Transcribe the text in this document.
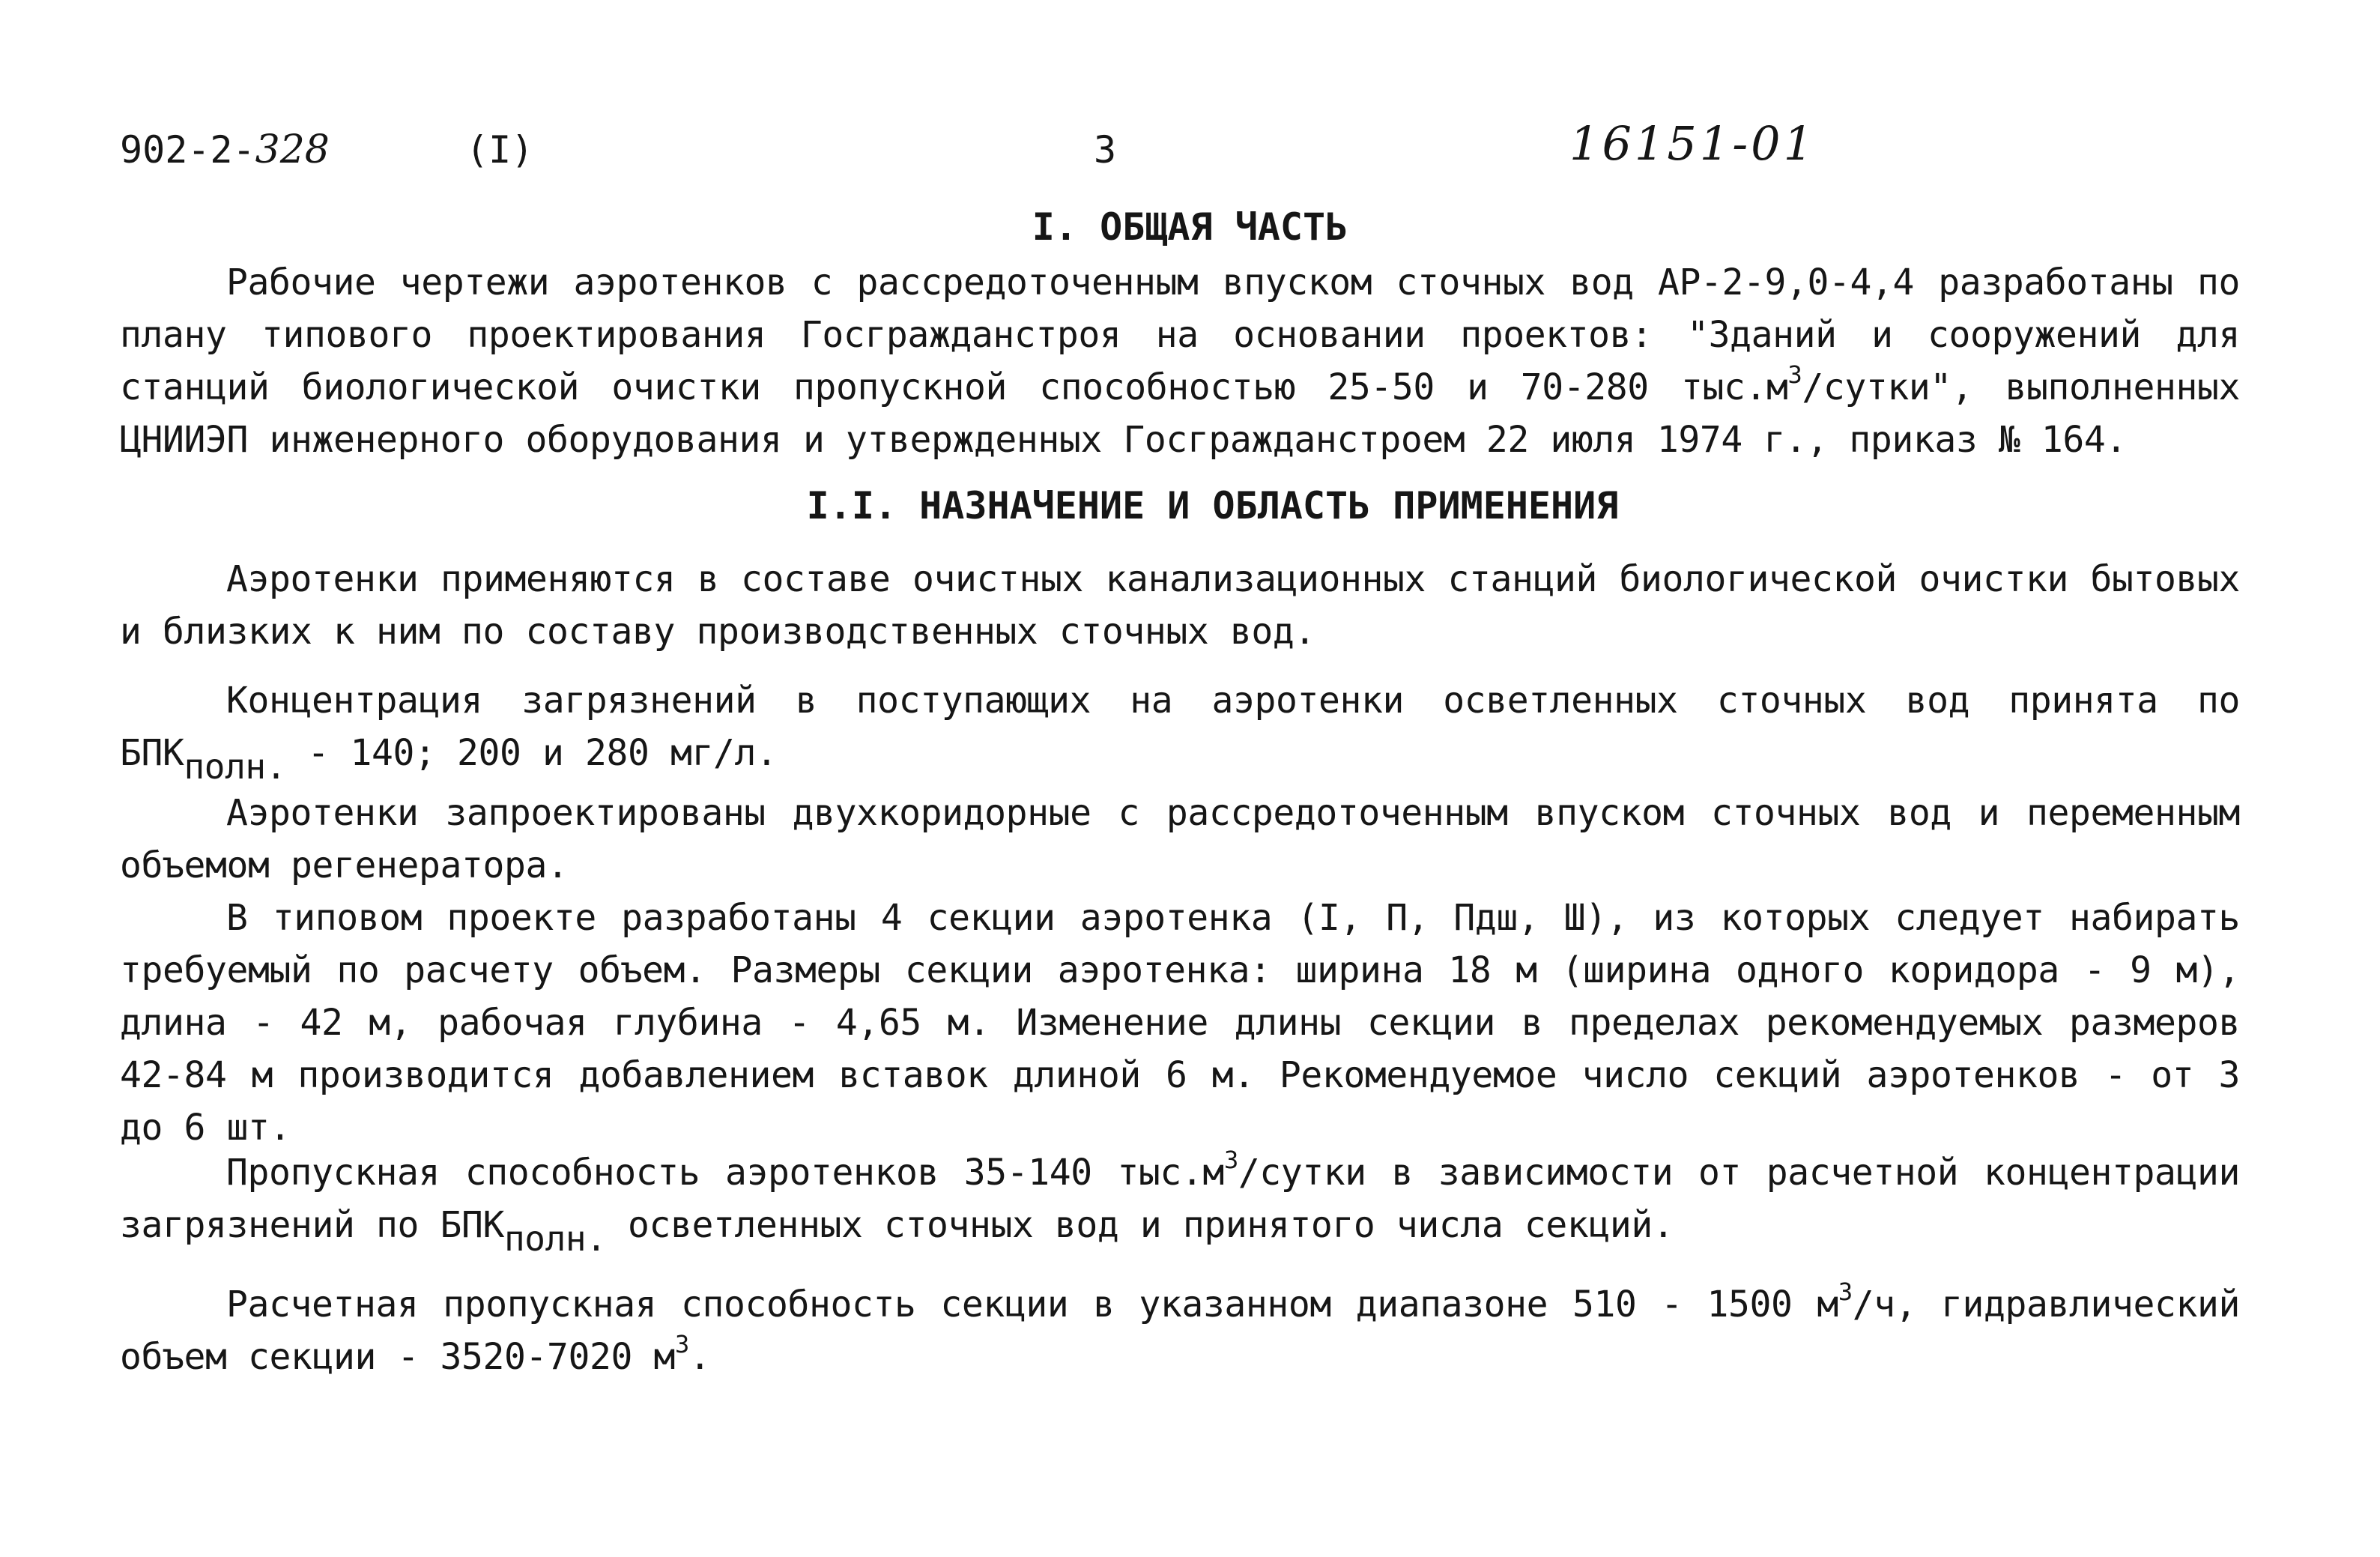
902-2-328	(I)	3	16151-01
I. ОБЩАЯ ЧАСТЬ
Рабочие чертежи аэротенков с рассредоточенным впуском сточных вод АР-2-9,0-4,4 разработаны по плану типового проектирования Госгражданстроя на основании проектов: "Зданий и сооружений для станций биологической очистки пропускной способностью 25-50 и 70-280 $тыс.м^3$/сутки", выполненных ЦНИИЭП инженерного оборудования и утвержденных Госгражданстроем 22 июля 1974 г., приказ № 164.
I.I. НАЗНАЧЕНИЕ И ОБЛАСТЬ ПРИМЕНЕНИЯ
Аэротенки применяются в составе очистных канализационных станций биологической очистки бытовых и близких к ним по составу производственных сточных вод.
Концентрация загрязнений в поступающих на аэротенки осветленных сточных вод принята по $БПК_{полн.} - 140$; 200 и 280 мг/л.
Аэротенки запроектированы двухкоридорные с рассредоточенным впуском сточных вод и переменным объемом регенератора.
В типовом проекте разработаны 4 секции аэротенка (I, П, Пдш, Ш), из которых следует набирать требуемый по расчету объем. Размеры секции аэротенка: ширина 18 м (ширина одного коридора - 9 м), длина - 42 м, рабочая глубина - 4,65 м. Изменение длины секции в пределах рекомендуемых размеров 42-84 м производится добавлением вставок длиной 6 м. Рекомендуемое число секций аэротенков - от 3 до 6 шт.
Пропускная способность аэротенков 35-140 $тыс.м^3$/сутки в зависимости от расчетной концентрации загрязнений по $БПК_{полн.}$ осветленных сточных вод и принятого числа секций.
Расчетная пропускная способность секции в указанном диапазоне 510 - 1500 $м^3/ч$, гидравлический объем секции - 3520-7020 $м^3$.
